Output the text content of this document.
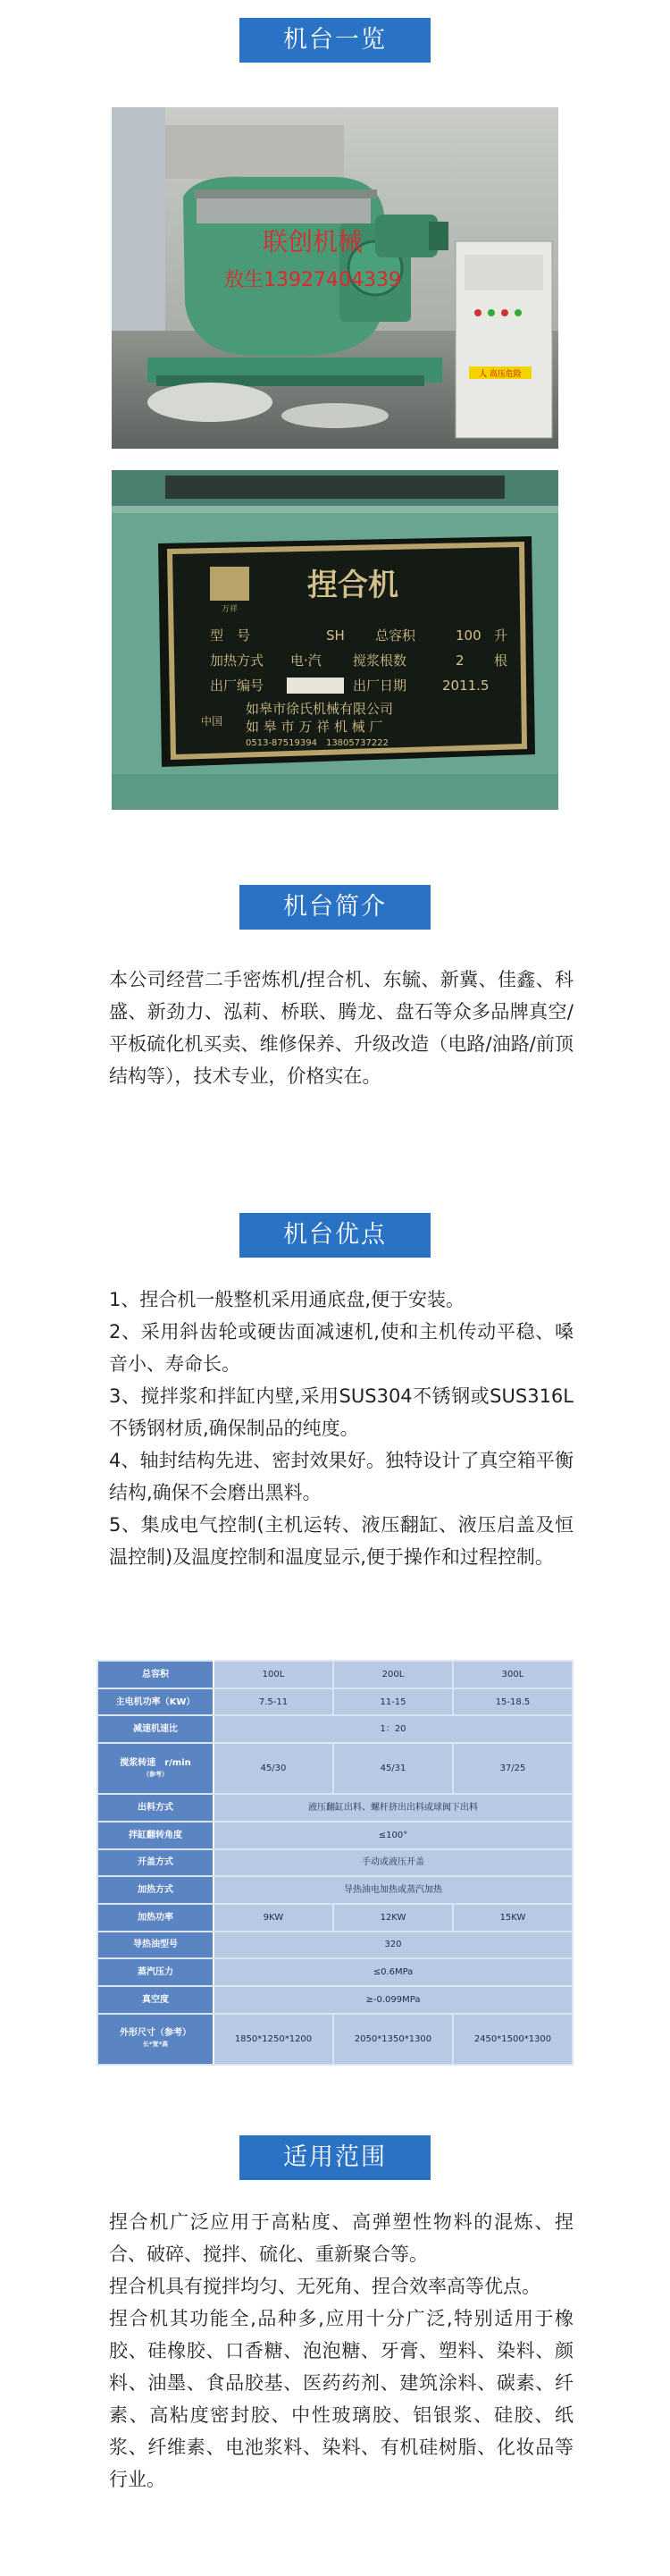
机台一览
人 高压危险
联创机械
敖生13927404339
万祥
捏合机
型　号	SH 总容积	100 升
加热方式 电·汽 搅浆根数	2 根
出厂编号	出厂日期	2011.5
如皋市徐氏机械有限公司
如 皋 市 万 祥 机 械 厂
0513-87519394　13805737222
中国
机台简介

本公司经营二手密炼机/捏合机、东毓、新冀、佳鑫、科盛、新劲力、泓莉、桥联、腾龙、盘石等众多品牌真空/平板硫化机买卖、维修保养、升级改造（电路/油路/前顶结构等），技术专业，价格实在。

机台优点

1、捏合机一般整机采用通底盘,便于安装。

2、采用斜齿轮或硬齿面减速机,使和主机传动平稳、嗓音小、寿命长。

3、搅拌浆和拌缸内壁,采用SUS304不锈钢或SUS316L不锈钢材质,确保制品的纯度。

4、轴封结构先进、密封效果好。独特设计了真空箱平衡结构,确保不会磨出黑料。

5、集成电气控制(主机运转、液压翻缸、液压启盖及恒温控制)及温度控制和温度显示,便于操作和过程控制。

总容积	100L	200L	300L
主电机功率（KW）	7.5-11	11-15	15-18.5
减速机速比	1：20		
搅浆转速　r/min
（参考）	45/30	45/31	37/25
出料方式	液压翻缸出料、螺杆挤出出料或球阀下出料		
拌缸翻转角度	≤100°		
开盖方式	手动或液压开盖		
加热方式	导热油电加热或蒸汽加热		
加热功率	9KW	12KW	15KW
导热油型号	320		
蒸汽压力	≤0.6MPa		
真空度	≥-0.099MPa		
外形尺寸（参考）
长*宽*高	1850*1250*1200	2050*1350*1300	2450*1500*1300
适用范围

捏合机广泛应用于高粘度、高弹塑性物料的混炼、捏合、破碎、搅拌、硫化、重新聚合等。

捏合机具有搅拌均匀、无死角、捏合效率高等优点。

捏合机其功能全,品种多,应用十分广泛,特别适用于橡胶、硅橡胶、口香糖、泡泡糖、牙膏、塑料、染料、颜料、油墨、食品胶基、医药药剂、建筑涂料、碳素、纤素、高粘度密封胶、中性玻璃胶、铝银浆、硅胶、纸浆、纤维素、电池浆料、染料、有机硅树脂、化妆品等行业。
